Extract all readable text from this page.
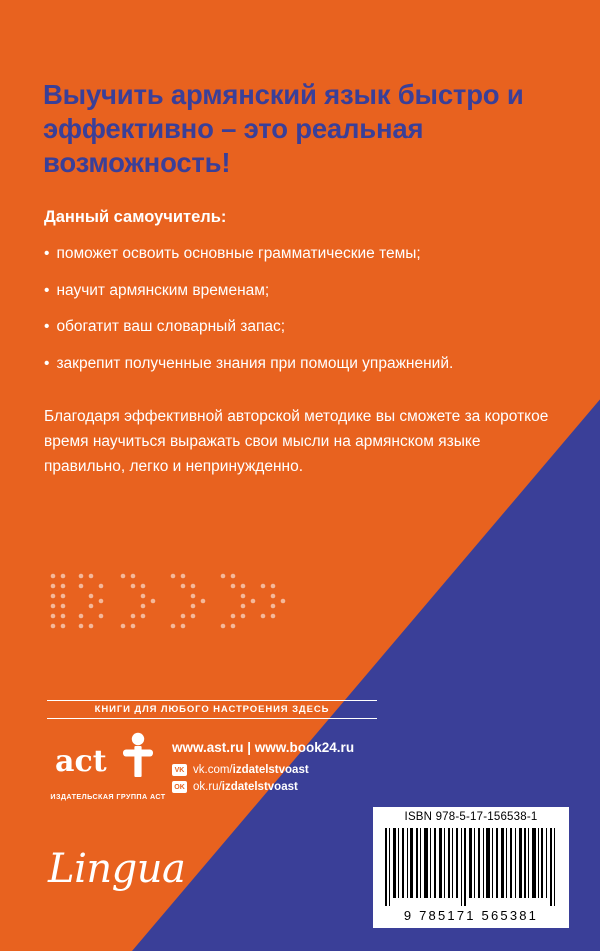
Выучить армянский язык быстро и эффективно – это реальная возможность!
Данный самоучитель:
• поможет освоить основные грамматические темы;
• научит армянским временам;
• обогатит ваш словарный запас;
• закрепит полученные знания при помощи упражнений.
Благодаря эффективной авторской методике вы сможете за короткое время научиться выражать свои мысли на армянском языке правильно, легко и непринужденно.
КНИГИ ДЛЯ ЛЮБОГО НАСТРОЕНИЯ ЗДЕСЬ
act
ИЗДАТЕЛЬСКАЯ ГРУППА АСТ
www.ast.ru | www.book24.ru
VK vk.com/izdatelstvoast
OK ok.ru/izdatelstvoast
Lingua
ISBN 978-5-17-156538-1
9 785171 565381
